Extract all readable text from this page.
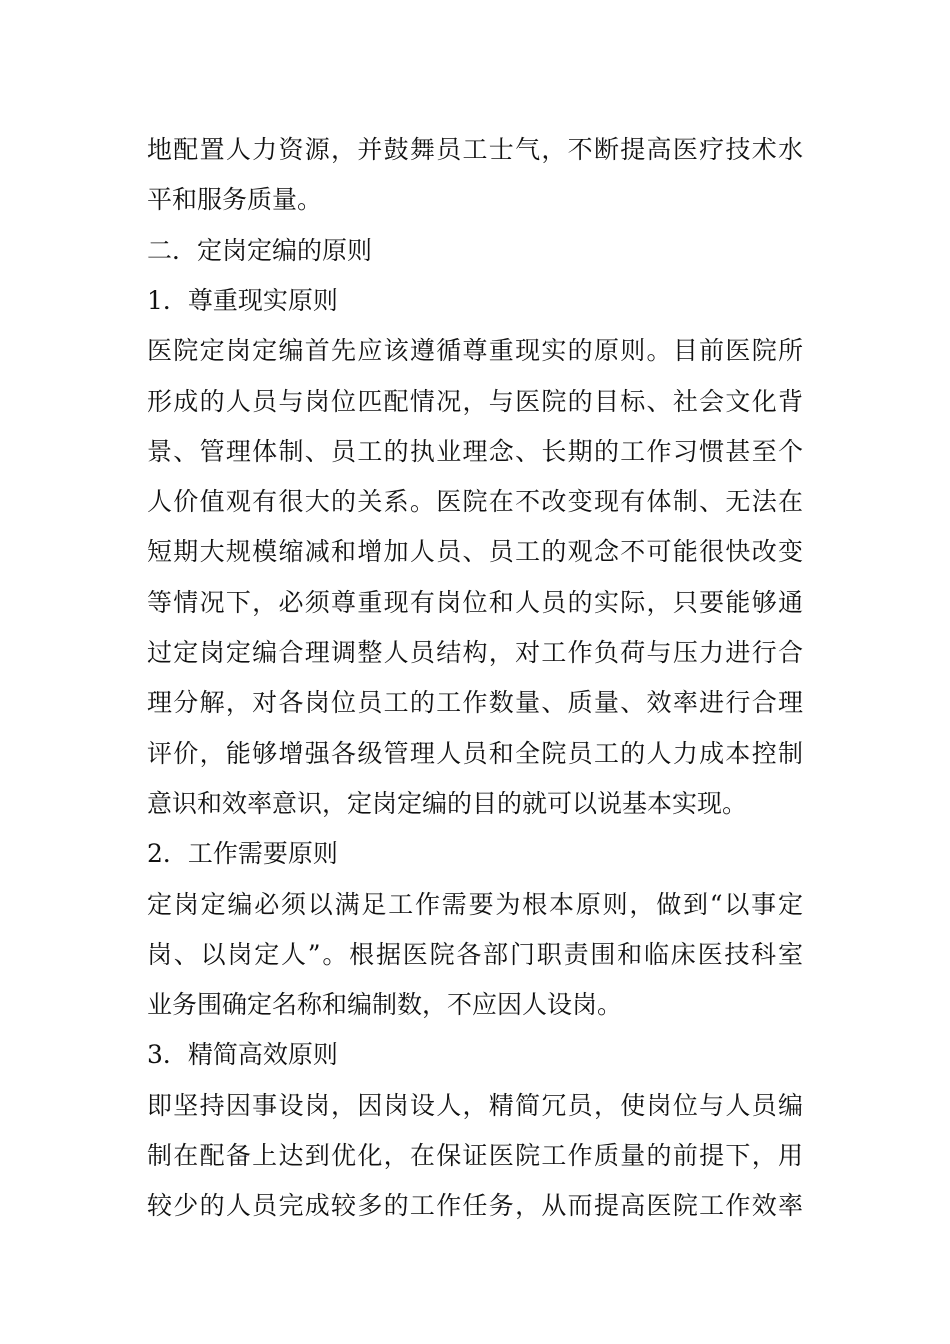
地配置人力资源，并鼓舞员工士气，不断提高医疗技术水
平和服务质量。
二．定岗定编的原则
1．尊重现实原则
医院定岗定编首先应该遵循尊重现实的原则。目前医院所
形成的人员与岗位匹配情况，与医院的目标、社会文化背
景、管理体制、员工的执业理念、长期的工作习惯甚至个
人价值观有很大的关系。医院在不改变现有体制、无法在
短期大规模缩减和增加人员、员工的观念不可能很快改变
等情况下，必须尊重现有岗位和人员的实际，只要能够通
过定岗定编合理调整人员结构，对工作负荷与压力进行合
理分解，对各岗位员工的工作数量、质量、效率进行合理
评价，能够增强各级管理人员和全院员工的人力成本控制
意识和效率意识，定岗定编的目的就可以说基本实现。
2．工作需要原则
定岗定编必须以满足工作需要为根本原则，做到“以事定
岗、以岗定人”。根据医院各部门职责围和临床医技科室
业务围确定名称和编制数，不应因人设岗。
3．精简高效原则
即坚持因事设岗，因岗设人，精简冗员，使岗位与人员编
制在配备上达到优化，在保证医院工作质量的前提下，用
较少的人员完成较多的工作任务，从而提高医院工作效率
